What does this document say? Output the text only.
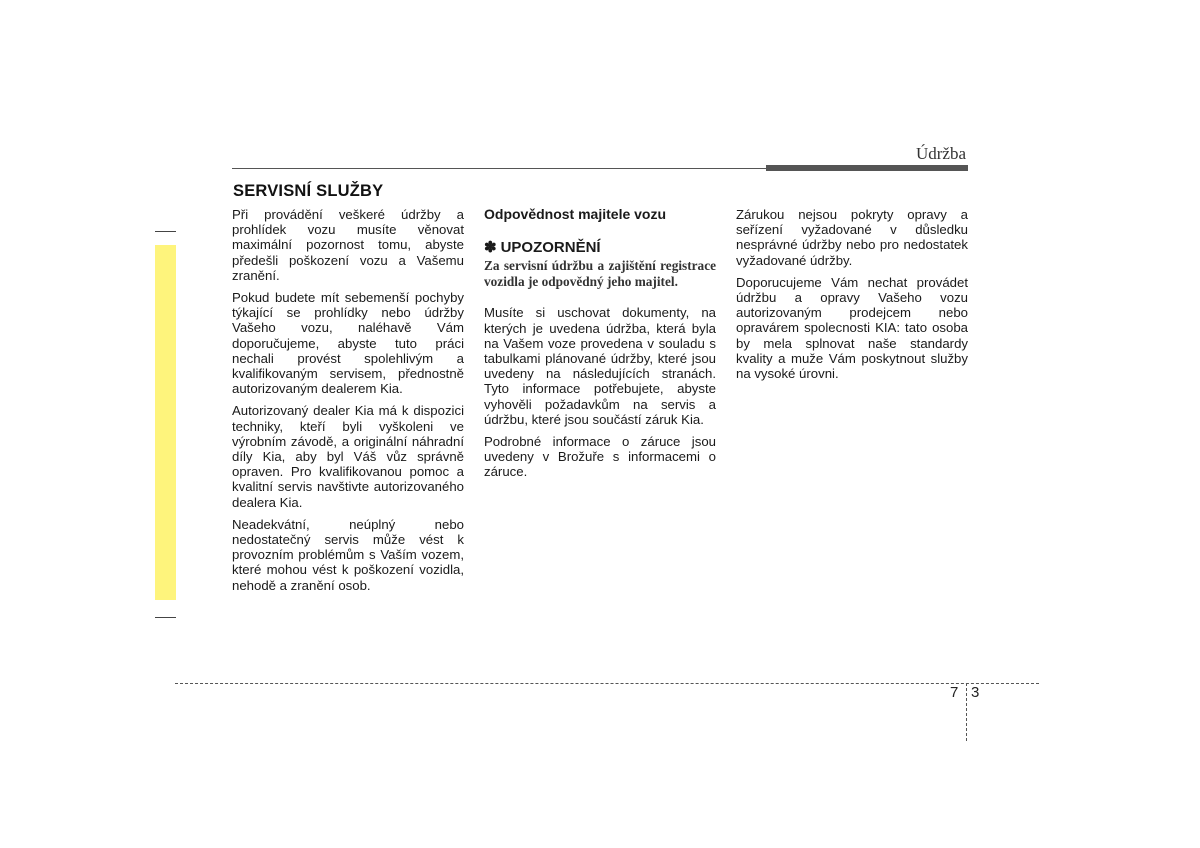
Údržba
SERVISNÍ SLUŽBY

Při provádění veškeré údržby a prohlídek vozu musíte věnovat maximální pozornost tomu, abyste předešli poškození vozu a Vašemu zranění.

Pokud budete mít sebemenší pochyby týkající se prohlídky nebo údržby Vašeho vozu, naléhavě Vám doporučujeme, abyste tuto práci nechali provést spolehlivým a kvalifikovaným servisem, přednostně autorizovaným dealerem Kia.

Autorizovaný dealer Kia má k dispozici techniky, kteří byli vyškoleni ve výrobním závodě, a originální náhradní díly Kia, aby byl Váš vůz správně opraven. Pro kvalifikovanou pomoc a kvalitní servis navštivte autorizovaného dealera Kia.

Neadekvátní, neúplný nebo nedostatečný servis může vést k provozním problémům s Vaším vozem, které mohou vést k poškození vozidla, nehodě a zranění osob.

Odpovědnost majitele vozu

✽ UPOZORNĚNÍ

Za servisní údržbu a zajištění registrace vozidla je odpovědný jeho majitel.

Musíte si uschovat dokumenty, na kterých je uvedena údržba, která byla na Vašem voze provedena v souladu s tabulkami plánované údržby, které jsou uvedeny na následujících stranách. Tyto informace potřebujete, abyste vyhověli požadavkům na servis a údržbu, které jsou součástí záruk Kia.

Podrobné informace o záruce jsou uvedeny v Brožuře s informacemi o záruce.

Zárukou nejsou pokryty opravy a seřízení vyžadované v důsledku nesprávné údržby nebo pro nedostatek vyžadované údržby.

Doporucujeme Vám nechat provádet údržbu a opravy Vašeho vozu autorizovaným prodejcem nebo opravárem spolecnosti KIA: tato osoba by mela splnovat naše standardy kvality a muže Vám poskytnout služby na vysoké úrovni.

7 3
